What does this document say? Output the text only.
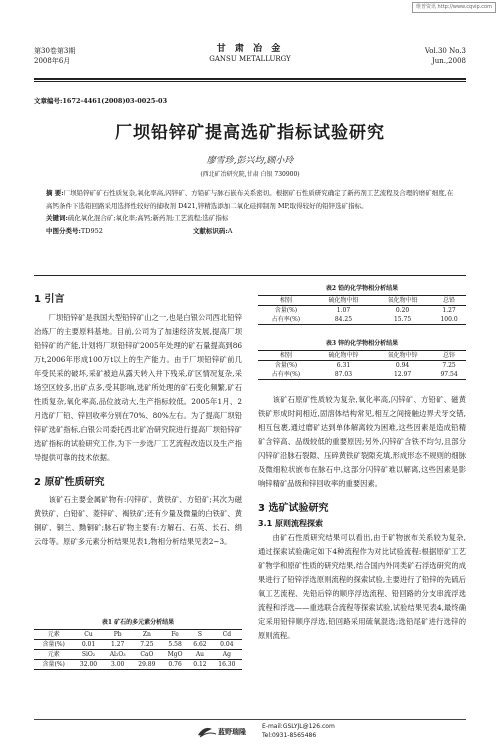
维普资讯 http://www.cqvip.com
第30卷第3期
2008年6月
甘 肃 冶 金
GANSU METALLURGY
Vol.30 No.3
Jun.,2008
文章编号:1672-4461(2008)03-0025-03
厂坝铅锌矿提高选矿指标试验研究
廖雪珍,彭兴均,顾小玲
(西北矿冶研究院,甘肃 白银 730900)

摘 要:厂坝铅锌矿矿石性质复杂,氧化率高,闪锌矿、方铅矿与脉石嵌布关系密切。根据矿石性质研究确定了新药剂工艺流程及合理的磨矿细度,在高钙条件下选铅回路采用选择性较好的捕收剂 D421,锌精选添加二氧化硅抑制剂 MP,取得较好的铅锌选矿指标。

关键词:硫化氧化混合矿;氧化率;高钙;新药剂;工艺流程;选矿指标

中图分类号:TD952	文献标识码:A

1 引言

厂坝铅锌矿是我国大型铅锌矿山之一,也是白银公司西北铅锌冶炼厂的主要原料基地。目前,公司为了加速经济发展,提高厂坝铅锌矿的产能,计划将厂坝铅锌矿2005年处理的矿石量提高到86万t,2006年形成100万t以上的生产能力。由于厂坝铅锌矿前几年受民采的破坏,采矿被迫从露天转入井下残采,矿区情况复杂,采场空区较多,出矿点多,受其影响,选矿所处理的矿石变化频繁,矿石性质复杂,氧化率高,品位波动大,生产指标较低。2005年1月、2月选矿厂铅、锌回收率分别在70%、80%左右。为了提高厂坝铅锌矿选矿指标,白银公司委托西北矿冶研究院进行提高厂坝铅锌矿选矿指标的试验研究工作,为下一步选厂工艺流程改造以及生产指导提供可靠的技术依据。

2 原矿性质研究

该矿石主要金属矿物有:闪锌矿、黄铁矿、方铅矿;其次为磁黄铁矿、白铅矿、菱锌矿、褐铁矿;还有少量及微量的白铁矿、黄铜矿、铜兰、黝铜矿;脉石矿物主要有:方解石、石英、长石、绢云母等。原矿多元素分析结果见表1,物相分析结果见表2~3。

表1 矿石的多元素分析结果
元素	Cu	Pb	Zn	Fe	S	Cd
含量(%)	0.01	1.27	7.25	5.58	6.62	0.04
元素	SiO₂	Al₂O₃	CaO	MgO	Au	Ag
含量(%)	32.00	3.00	29.89	0.76	0.12	16.30
表2 铅的化学物相分析结果
相别	硫化物中铅	氧化物中铅	总铅
含量(%)	1.07	0.20	1.27
占有率(%)	84.25	15.75	100.0
表3 锌的化学物相分析结果
相别	硫化物中锌	氧化物中锌	总锌
含量(%)	6.31	0.94	7.25
占有率(%)	87.03	12.97	97.54

该矿石原矿性质较为复杂,氧化率高,闪锌矿、方铅矿、磁黄铁矿形成时间相近,固溶体结构常见,相互之间接触边界犬牙交错,相互包裹,通过磨矿达到单体解离较为困难,这些因素是造成铅精矿含锌高、品级较低的重要原因;另外,闪锌矿含铁不均匀,且部分闪锌矿沿脉石裂隙、压碎黄铁矿裂隙充填,形成形态不规则的细脉及微细粒状嵌布在脉石中,这部分闪锌矿难以解离,这些因素是影响锌精矿品级和锌回收率的重要因素。

3 选矿试验研究
3.1 原则流程探索

由矿石性质研究结果可以看出,由于矿物嵌布关系较为复杂,通过探索试验确定如下4种流程作为对比试验流程:根据原矿工艺矿物学和原矿性质的研究结果,结合国内外同类矿石浮选研究的成果进行了铅锌浮选原则流程的探索试验,主要进行了铅锌的先硫后氧工艺流程、先铅后锌的顺序浮选流程、铅回路的分支串流浮选流程和浮选——重选联合流程等探索试验,试验结果见表4,最终确定采用铅锌顺序浮选,铅回路采用硫氧混选;选铅尾矿进行选锌的原则流程。

蓝野瑞隆
E-mail:GSLYJL@126.com
Tel:0931-8565486
